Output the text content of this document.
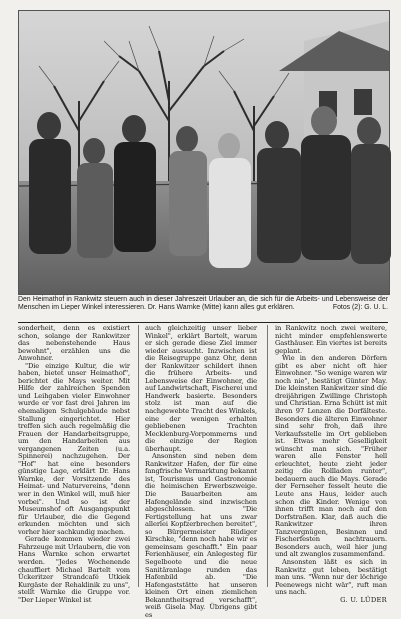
Den Heimathof in Rankwitz steuern auch in dieser Jahreszeit Urlauber an, die sich für die Arbeits- und Lebensweise der Menschen im Lieper Winkel interessieren. Dr. Hans Warnke (Mitte) kann alles gut erklären.	Fotos (2): G. U. L.

sonderheit, denn es existiert schon, solange der Rankwitzer das nebenstehende Haus bewohnt", erzählen uns die Anwohner.

"Die einzige Kultur, die wir haben, bietet unser Heimathof", berichtet die Mays weiter. Mit Hilfe der zahlreichen Spenden und Leihgaben vieler Einwohner wurde er vor fast drei Jahren im ehemaligen Schulgebäude nebst Stallung eingerichtet. Hier treffen sich auch regelmäßig die Frauen der Handarbeitsgruppe, um den Handarbeiten aus vergangenen Zeiten (u.a. Spinnerei) nachzugehen. Der "Hof" hat eine besonders günstige Lage, erklärt Dr. Hans Warnke, der Vorsitzende des Heimat- und Naturvereins, "denn wer in den Winkel will, muß hier vorbei". Und so ist der Museumshof oft Ausgangspunkt für Urlauber, die die Gegend erkunden möchten und sich vorher hier sachkundig machen.

Gerade kommen wieder zwei Fahrzeuge mit Urlaubern, die von Hans Warnke schon erwartet werden. "Jedes Wochenende chauffiert Michael Bartelt vom Ückeritzer Strandcafé Utkiek Kurgäste der Rehaklinik zu uns", stellt Warnke die Gruppe vor. "Der Lieper Winkel ist

auch gleichzeitig unser lieber Winkel", erklärt Bartelt, warum er sich gerade diese Ziel immer wieder aussucht. Inzwischen ist die Reisegruppe ganz Ohr, denn der Rankwitzer schildert ihnen die frühere Arbeits- und Lebensweise der Einwohner, die auf Landwirtschaft, Fischerei und Handwerk basierte. Besonders stolz ist man auf die nachgewebte Tracht des Winkels, eine der wenigen erhalten gebliebenen Trachten Mecklenburg-Vorpommerns und die einzige der Region überhaupt.

Ansonsten sind neben dem Rankwitzer Hafen, der für eine fangfrische Vermarktung bekannt ist, Tourismus und Gastronomie die heimischen Erwerbszweige. Die Bauarbeiten am Hafengelände sind inzwischen abgeschlossen. "Die Fertigstellung hat uns zwar allerlei Kopfzerbrechen bereitet", so Bürgermeister Rüdiger Kirschke, "denn noch habe wir es gemeinsam geschafft." Ein paar Ferienhäuser, ein Anlegesteg für Segelboote und die neue Sanitäranlage runden das Hafenbild ab. "Die Hafengaststätte hat unseren kleinen Ort einen ziemlichen Bekanntheitsgrad verschafft", weiß Gisela May. Übrigens gibt es

in Rankwitz noch zwei weitere, nicht minder empfehlenswerte Gasthäuser. Ein viertes ist bereits geplant.

Wie in den anderen Dörfern gibt es aber nicht oft hier Einwohner. "So wenige waren wir noch nie", bestätigt Günter May. Die kleinsten Rankwitzer sind die dreijährigen Zwillinge Christoph und Christian. Erna Schütt ist mit ihren 97 Lenzen die Dorfälteste. Besonders die älteren Einwohner sind sehr froh, daß ihre Verkaufsstelle im Ort geblieben ist. Etwas mehr Geselligkeit wünscht man sich. "Früher waren alle Fenster hell erleuchtet, heute zieht jeder zeitig die Rollladen runter", bedauern auch die Mays. Gerade der Fernseher fesselt heute die Leute ans Haus, leider auch schon die Kinder. Wenige von ihnen trifft man noch auf den Dorfstraßen. Klar, daß auch die Rankwitzer ihren Tanzvergnügen, Besinnen und Fischerfesten nachtrauern. Besonders auch, weil hier jung und alt zwanglos zusammenfand.

Ansonsten läßt es sich in Rankwitz gut leben, bestätigt man uns. "Wenn nur der löchrige Peenewegs nicht wär", ruft man uns nach.

G. U. LÜDER
